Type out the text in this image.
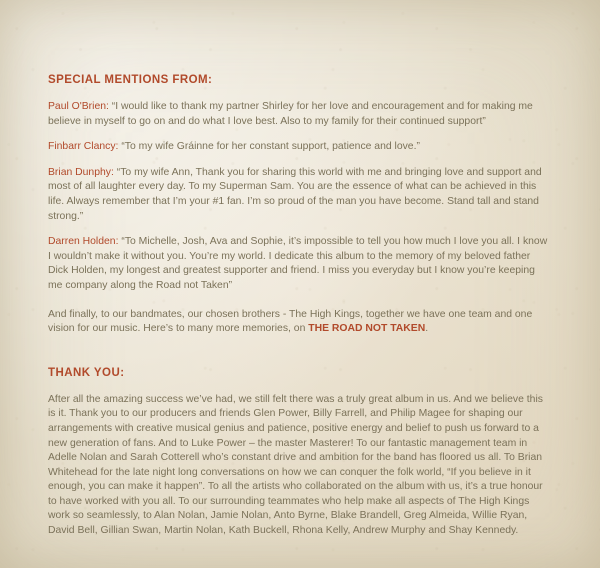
SPECIAL MENTIONS FROM:

Paul O'Brien: “I would like to thank my partner Shirley for her love and encouragement and for making me believe in myself to go on and do what I love best. Also to my family for their continued support”

Finbarr Clancy: “To my wife Gráinne for her constant support, patience and love.”

Brian Dunphy: “To my wife Ann, Thank you for sharing this world with me and bringing love and support and most of all laughter every day. To my Superman Sam. You are the essence of what can be achieved in this life. Always remember that I’m your #1 fan. I’m so proud of the man you have become. Stand tall and stand strong.”

Darren Holden: “To Michelle, Josh, Ava and Sophie, it’s impossible to tell you how much I love you all. I know I wouldn’t make it without you. You’re my world. I dedicate this album to the memory of my beloved father Dick Holden, my longest and greatest supporter and friend. I miss you everyday but I know you’re keeping me company along the Road not Taken”

And finally, to our bandmates, our chosen brothers - The High Kings, together we have one team and one vision for our music. Here’s to many more memories, on THE ROAD NOT TAKEN.

THANK YOU:

After all the amazing success we’ve had, we still felt there was a truly great album in us. And we believe this is it. Thank you to our producers and friends Glen Power, Billy Farrell, and Philip Magee for shaping our arrangements with creative musical genius and patience, positive energy and belief to push us forward to a new generation of fans. And to Luke Power – the master Masterer! To our fantastic management team in Adelle Nolan and Sarah Cotterell who’s constant drive and ambition for the band has floored us all. To Brian Whitehead for the late night long conversations on how we can conquer the folk world, “If you believe in it enough, you can make it happen”. To all the artists who collaborated on the album with us, it’s a true honour to have worked with you all. To our surrounding teammates who help make all aspects of The High Kings work so seamlessly, to Alan Nolan, Jamie Nolan, Anto Byrne, Blake Brandell, Greg Almeida, Willie Ryan, David Bell, Gillian Swan, Martin Nolan, Kath Buckell, Rhona Kelly, Andrew Murphy and Shay Kennedy.
